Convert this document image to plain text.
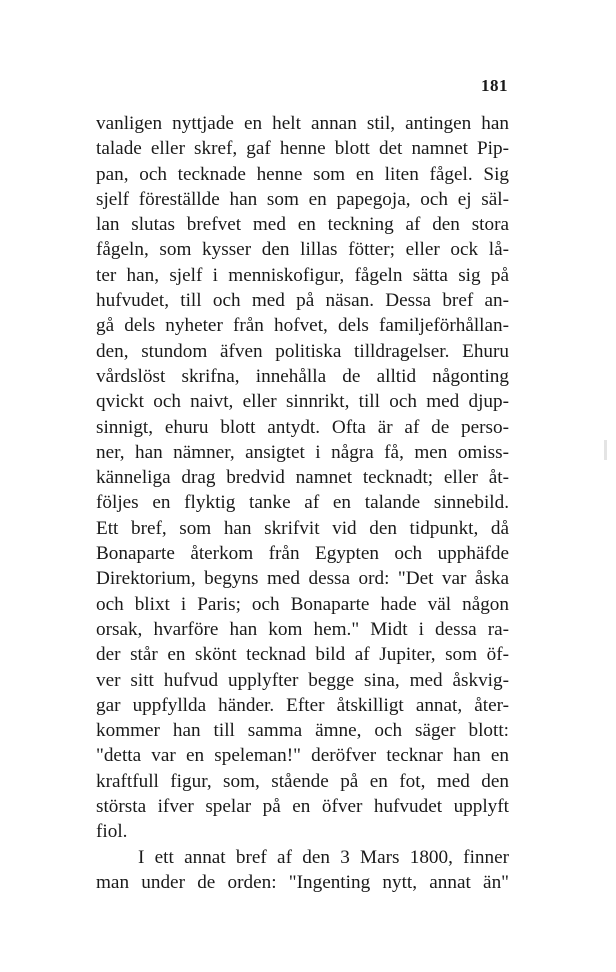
181
vanligen nyttjade en helt annan stil, antingen han
talade eller skref, gaf henne blott det namnet Pip-
pan, och tecknade henne som en liten fågel. Sig
sjelf föreställde han som en papegoja, och ej säl-
lan slutas brefvet med en teckning af den stora
fågeln, som kysser den lillas fötter; eller ock lå-
ter han, sjelf i menniskofigur, fågeln sätta sig på
hufvudet, till och med på näsan. Dessa bref an-
gå dels nyheter från hofvet, dels familjeförhållan-
den, stundom äfven politiska tilldragelser. Ehuru
vårdslöst skrifna, innehålla de alltid någonting
qvickt och naivt, eller sinnrikt, till och med djup-
sinnigt, ehuru blott antydt. Ofta är af de perso-
ner, han nämner, ansigtet i några få, men omiss-
känneliga drag bredvid namnet tecknadt; eller åt-
följes en flyktig tanke af en talande sinnebild.
Ett bref, som han skrifvit vid den tidpunkt, då
Bonaparte återkom från Egypten och upphäfde
Direktorium, begyns med dessa ord: "Det var åska
och blixt i Paris; och Bonaparte hade väl någon
orsak, hvarföre han kom hem." Midt i dessa ra-
der står en skönt tecknad bild af Jupiter, som öf-
ver sitt hufvud upplyfter begge sina, med åskvig-
gar uppfyllda händer. Efter åtskilligt annat, åter-
kommer han till samma ämne, och säger blott:
"detta var en speleman!" deröfver tecknar han en
kraftfull figur, som, stående på en fot, med den
största ifver spelar på en öfver hufvudet upplyft
fiol.
I ett annat bref af den 3 Mars 1800, finner
man under de orden: "Ingenting nytt, annat än"
